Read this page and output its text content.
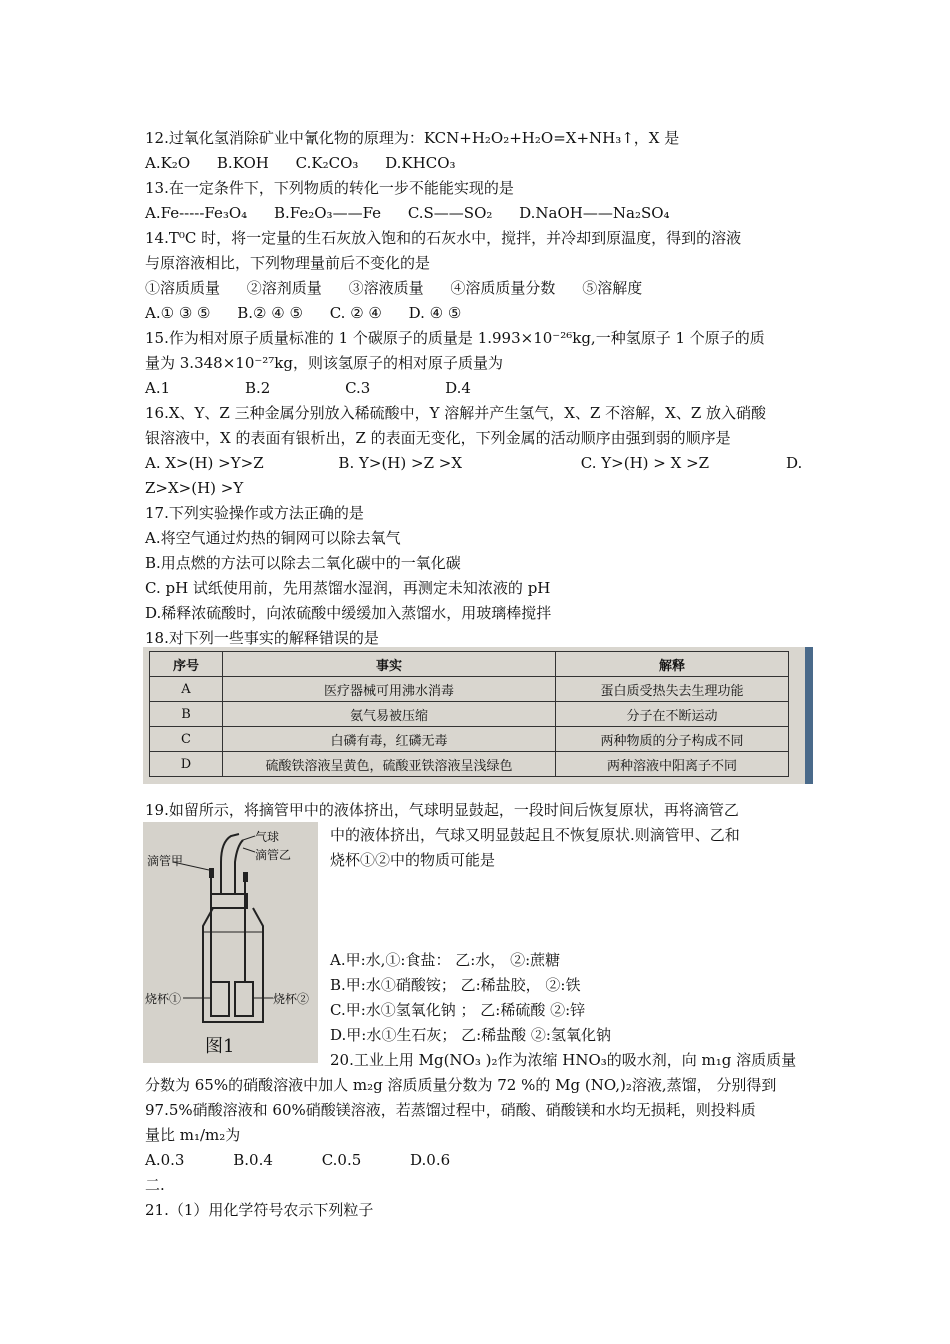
12.过氧化氢消除矿业中氰化物的原理为：KCN+H₂O₂+H₂O=X+NH₃↑，X 是
A.K₂O B.KOH C.K₂CO₃ D.KHCO₃
13.在一定条件下，下列物质的转化一步不能能实现的是
A.Fe-----Fe₃O₄ B.Fe₂O₃——Fe C.S——SO₂ D.NaOH——Na₂SO₄
14.T⁰C 时，将一定量的生石灰放入饱和的石灰水中，搅拌，并冷却到原温度，得到的溶液
与原溶液相比，下列物理量前后不变化的是
①溶质质量 ②溶剂质量 ③溶液质量 ④溶质质量分数 ⑤溶解度
A.① ③ ⑤ B.② ④ ⑤ C. ② ④ D. ④ ⑤
15.作为相对原子质量标准的 1 个碳原子的质量是 1.993×10⁻²⁶kg,一种氢原子 1 个原子的质
量为 3.348×10⁻²⁷kg，则该氢原子的相对原子质量为
A.1	B.2	C.3	D.4
16.X、Y、Z 三种金属分别放入稀硫酸中，Y 溶解并产生氢气，X、Z 不溶解，X、Z 放入硝酸
银溶液中，X 的表面有银析出，Z 的表面无变化，下列金属的活动顺序由强到弱的顺序是
A. X>(H) >Y>Z	B. Y>(H) >Z >X	C. Y>(H) > X >Z	D.
Z>X>(H) >Y
17.下列实验操作或方法正确的是
A.将空气通过灼热的铜网可以除去氧气
B.用点燃的方法可以除去二氧化碳中的一氧化碳
C. pH 试纸使用前，先用蒸馏水湿润，再测定未知浓液的 pH
D.稀释浓硫酸时，向浓硫酸中缓缓加入蒸馏水，用玻璃棒搅拌
18.对下列一些事实的解释错误的是
序号	事实	解释
A	医疗器械可用沸水消毒	蛋白质受热失去生理功能
B	氨气易被压缩	分子在不断运动
C	白磷有毒，红磷无毒	两种物质的分子构成不同
D	硫酸铁溶液呈黄色，硫酸亚铁溶液呈浅绿色	两种溶液中阳离子不同
19.如留所示，将摘管甲中的液体挤出，气球明显鼓起，一段时间后恢复原状，再将滴管乙
中的液体挤出，气球又明显鼓起且不恢复原状.则滴管甲、乙和
烧杯①②中的物质可能是
气球
滴管乙
滴管甲
烧杯①	烧杯②
图1
A.甲:水,①:食盐： 乙:水， ②:蔗糖
B.甲:水①硝酸铵； 乙:稀盐胶， ②:铁
C.甲:水①氢氧化钠 ； 乙:稀硫酸 ②:锌
D.甲:水①生石灰； 乙:稀盐酸 ②:氢氧化钠
20.工业上用 Mg(NO₃ )₂作为浓缩 HNO₃的吸水剂，向 m₁g 溶质质量
分数为 65%的硝酸溶液中加人 m₂g 溶质质量分数为 72 %的 Mg (NO,)₂溶液,蒸馏， 分别得到
97.5%硝酸溶液和 60%硝酸镁溶液，若蒸馏过程中，硝酸、硝酸镁和水均无损耗，则投料质
量比 m₁/m₂为
A.0.3	B.0.4	C.0.5	D.0.6
二.
21.（1）用化学符号农示下列粒子
